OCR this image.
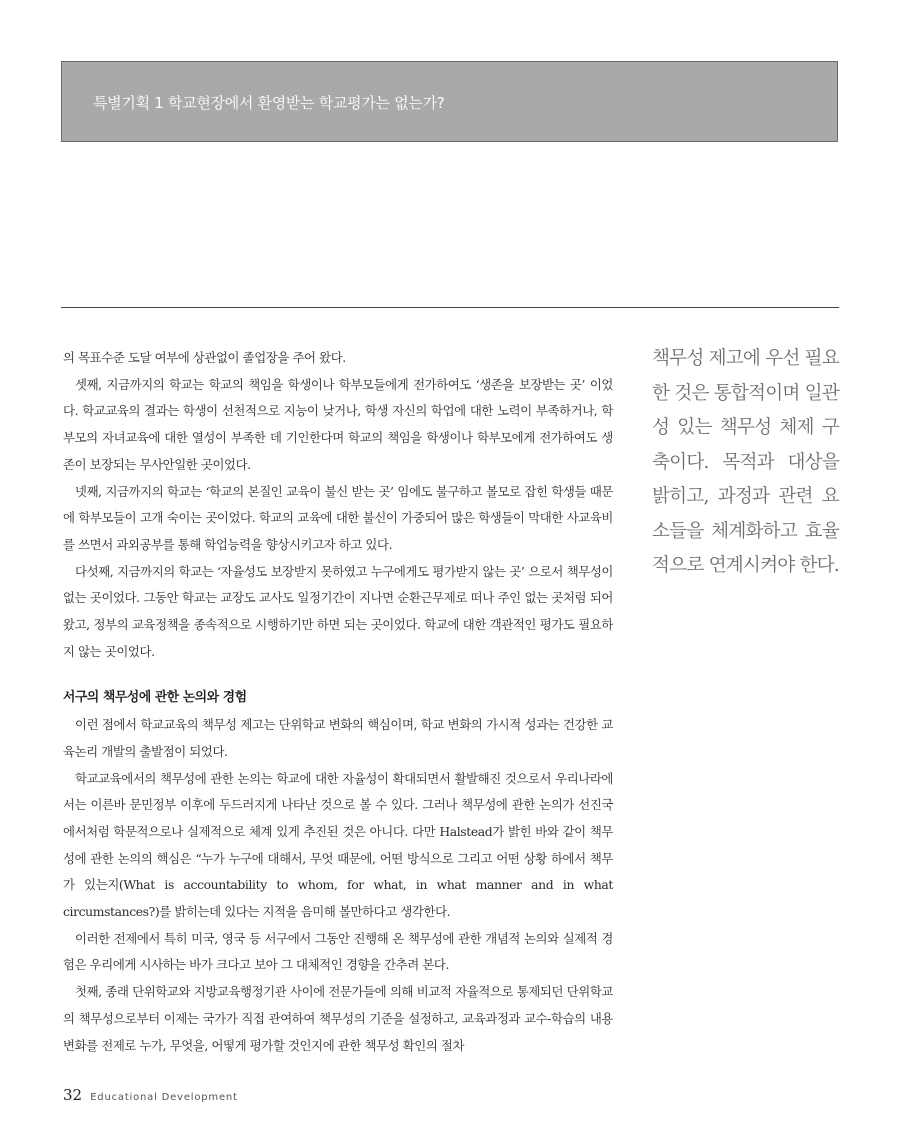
특별기획 1 학교현장에서 환영받는 학교평가는 없는가?

의 목표수준 도달 여부에 상관없이 졸업장을 주어 왔다.

셋째, 지금까지의 학교는 학교의 책임을 학생이나 학부모들에게 전가하여도 ‘생존을 보장받는 곳’ 이었다. 학교교육의 결과는 학생이 선천적으로 지능이 낮거나, 학생 자신의 학업에 대한 노력이 부족하거나, 학부모의 자녀교육에 대한 열성이 부족한 데 기인한다며 학교의 책임을 학생이나 학부모에게 전가하여도 생존이 보장되는 무사안일한 곳이었다.

넷째, 지금까지의 학교는 ‘학교의 본질인 교육이 불신 받는 곳’ 임에도 불구하고 볼모로 잡힌 학생들 때문에 학부모들이 고개 숙이는 곳이었다. 학교의 교육에 대한 불신이 가중되어 많은 학생들이 막대한 사교육비를 쓰면서 과외공부를 통해 학업능력을 향상시키고자 하고 있다.

다섯째, 지금까지의 학교는 ‘자율성도 보장받지 못하였고 누구에게도 평가받지 않는 곳’ 으로서 책무성이 없는 곳이었다. 그동안 학교는 교장도 교사도 일정기간이 지나면 순환근무제로 떠나 주인 없는 곳처럼 되어 왔고, 정부의 교육정책을 종속적으로 시행하기만 하면 되는 곳이었다. 학교에 대한 객관적인 평가도 필요하지 않는 곳이었다.

서구의 책무성에 관한 논의와 경험

이런 점에서 학교교육의 책무성 제고는 단위학교 변화의 핵심이며, 학교 변화의 가시적 성과는 건강한 교육논리 개발의 출발점이 되었다.

학교교육에서의 책무성에 관한 논의는 학교에 대한 자율성이 확대되면서 활발해진 것으로서 우리나라에서는 이른바 문민정부 이후에 두드러지게 나타난 것으로 볼 수 있다. 그러나 책무성에 관한 논의가 선진국에서처럼 학문적으로나 실제적으로 체계 있게 추진된 것은 아니다. 다만 Halstead가 밝힌 바와 같이 책무성에 관한 논의의 핵심은 “누가 누구에 대해서, 무엇 때문에, 어떤 방식으로 그리고 어떤 상황 하에서 책무가 있는지(What is accountability to whom, for what, in what manner and in what circumstances?)를 밝히는데 있다는 지적을 음미해 볼만하다고 생각한다.

이러한 전제에서 특히 미국, 영국 등 서구에서 그동안 진행해 온 책무성에 관한 개념적 논의와 실제적 경험은 우리에게 시사하는 바가 크다고 보아 그 대체적인 경향을 간추려 본다.

첫째, 종래 단위학교와 지방교육행정기관 사이에 전문가들에 의해 비교적 자율적으로 통제되던 단위학교의 책무성으로부터 이제는 국가가 직접 관여하여 책무성의 기준을 설정하고, 교육과정과 교수-학습의 내용 변화를 전제로 누가, 무엇을, 어떻게 평가할 것인지에 관한 책무성 확인의 절차

책무성 제고에 우선 필요한 것은 통합적이며 일관성 있는 책무성 체제 구축이다. 목적과 대상을 밝히고, 과정과 관련 요소들을 체계화하고 효율적으로 연계시켜야 한다.
32 Educational Development
